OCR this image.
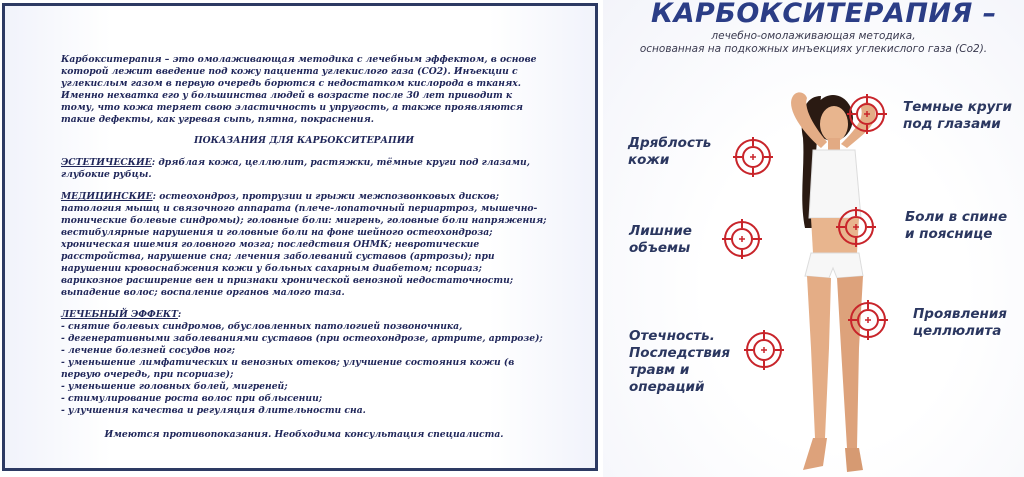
Карбокситерапия – это омолаживающая методика с лечебным эффектом, в основе которой лежит введение под кожу пациента углекислого газа (СО2). Инъекции с углекислым газом в первую очередь борются с недостатком кислорода в тканях. Именно нехватка его у большинства людей в возрасте после 30 лет приводит к тому, что кожа теряет свою эластичность и упругость, а также проявляются такие дефекты, как угревая сыпь, пятна, покраснения.

ПОКАЗАНИЯ ДЛЯ КАРБОКСИТЕРАПИИ

ЭСТЕТИЧЕСКИЕ: дряблая кожа, целлюлит, растяжки, тёмные круги под глазами, глубокие рубцы.

МЕДИЦИНСКИЕ: остеохондроз, протрузии и грыжи межпозвонковых дисков; патология мышц и связочного аппарата (плече-лопаточный периартроз, мышечно-тонические болевые синдромы); головные боли: мигрень, головные боли напряжения; вестибулярные нарушения и головные боли на фоне шейного остеохондроза; хроническая ишемия головного мозга; последствия ОНМК; невротические расстройства, нарушение сна; лечения заболеваний суставов (артрозы); при нарушении кровоснабжения кожи у больных сахарным диабетом; псориаз; варикозное расширение вен и признаки хронической венозной недостаточности; выпадение волос; воспаление органов малого таза.

ЛЕЧЕБНЫЙ ЭФФЕКТ:

- снятие болевых синдромов, обусловленных патологией позвоночника,

- дегенеративными заболеваниями суставов (при остеохондрозе, артрите, артрозе);

- лечение болезней сосудов ног;

- уменьшение лимфатических и венозных отеков; улучшение состояния кожи (в первую очередь, при псориазе);

- уменьшение головных болей, мигреней;

- стимулирование роста волос при облысении;

- улучшения качества и регуляция длительности сна.

Имеются противопоказания. Необходима консультация специалиста.

КАРБОКСИТЕРАПИЯ –
лечебно-омолаживающая методика,
основанная на подкожных инъекциях углекислого газа (Со2).
Дряблость
кожи
Лишние
объемы
Отечность.
Последствия
травм и
операций
Темные круги
под глазами
Боли в спине
и пояснице
Проявления
целлюлита
